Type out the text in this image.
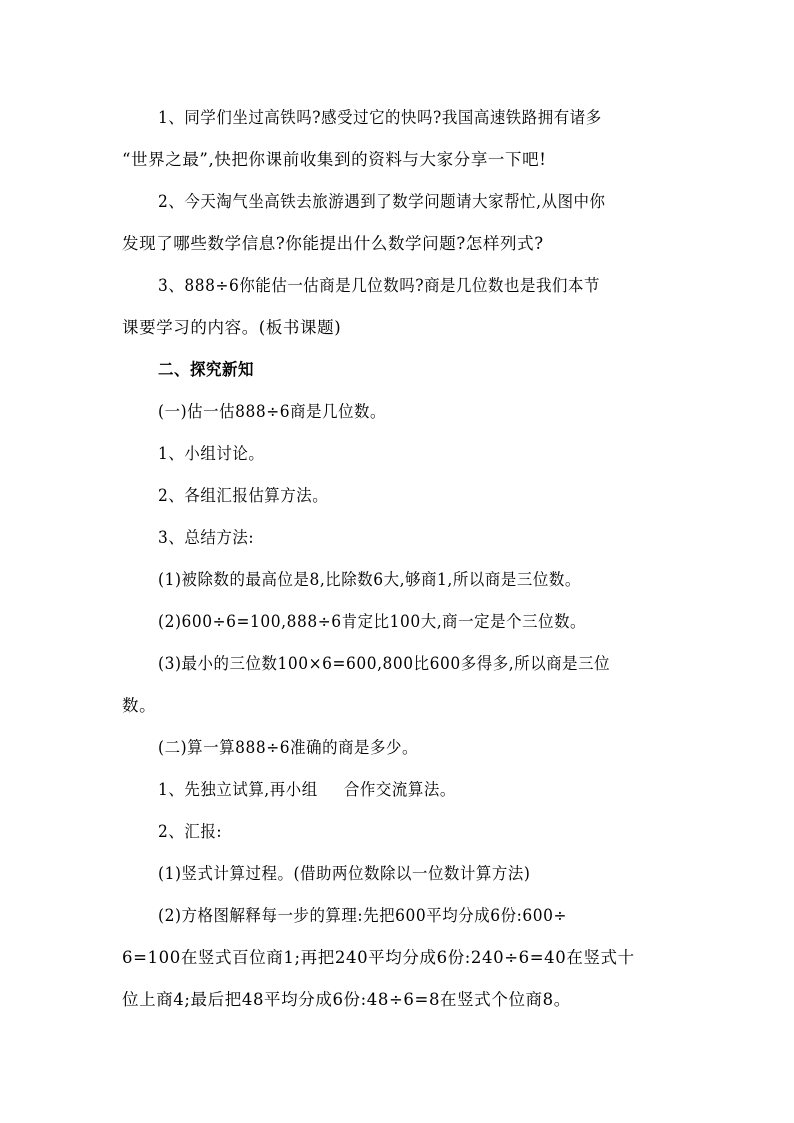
1、同学们坐过高铁吗?感受过它的快吗?我国高速铁路拥有诸多
“世界之最”,快把你课前收集到的资料与大家分享一下吧!
2、今天淘气坐高铁去旅游遇到了数学问题请大家帮忙,从图中你
发现了哪些数学信息?你能提出什么数学问题?怎样列式?
3、888÷6你能估一估商是几位数吗?商是几位数也是我们本节
课要学习的内容。(板书课题)
二、探究新知
(一)估一估888÷6商是几位数。
1、小组讨论。
2、各组汇报估算方法。
3、总结方法:
(1)被除数的最高位是8,比除数6大,够商1,所以商是三位数。
(2)600÷6=100,888÷6肯定比100大,商一定是个三位数。
(3)最小的三位数100×6=600,800比600多得多,所以商是三位
数。
(二)算一算888÷6准确的商是多少。
1、先独立试算,再小组 合作交流算法。
2、汇报:
(1)竖式计算过程。(借助两位数除以一位数计算方法)
(2)方格图解释每一步的算理:先把600平均分成6份:600÷
6=100在竖式百位商1;再把240平均分成6份:240÷6=40在竖式十
位上商4;最后把48平均分成6份:48÷6=8在竖式个位商8。
